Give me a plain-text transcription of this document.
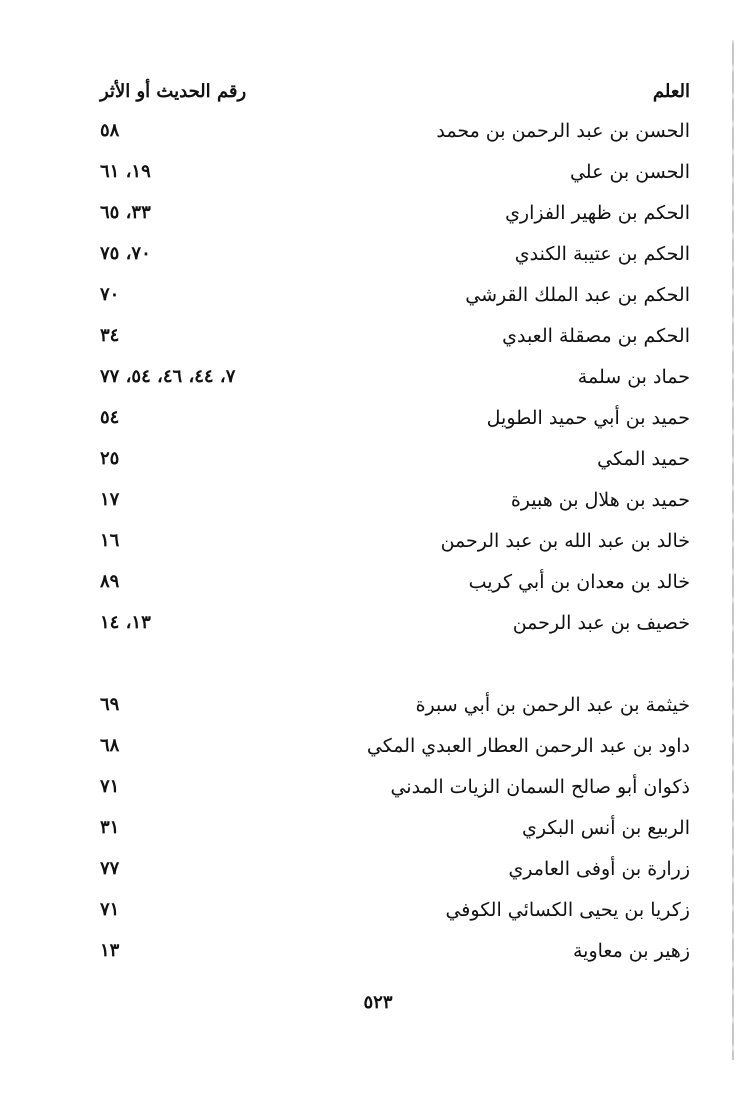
العلم
رقم الحديث أو الأثر
الحسن بن عبد الرحمن بن محمد
٥٨
الحسن بن علي
١٩، ٦١
الحكم بن ظهير الفزاري
٣٣، ٦٥
الحكم بن عتيبة الكندي
٧٠، ٧٥
الحكم بن عبد الملك القرشي
٧٠
الحكم بن مصقلة العبدي
٣٤
حماد بن سلمة
٧، ٤٤، ٤٦، ٥٤، ٧٧
حميد بن أبي حميد الطويل
٥٤
حميد المكي
٢٥
حميد بن هلال بن هبيرة
١٧
خالد بن عبد الله بن عبد الرحمن
١٦
خالد بن معدان بن أبي كريب
٨٩
خصيف بن عبد الرحمن
١٣، ١٤
خيثمة بن عبد الرحمن بن أبي سبرة
٦٩
داود بن عبد الرحمن العطار العبدي المكي
٦٨
ذكوان أبو صالح السمان الزيات المدني
٧١
الربيع بن أنس البكري
٣١
زرارة بن أوفى العامري
٧٧
زكريا بن يحيى الكسائي الكوفي
٧١
زهير بن معاوية
١٣
٥٢٣
